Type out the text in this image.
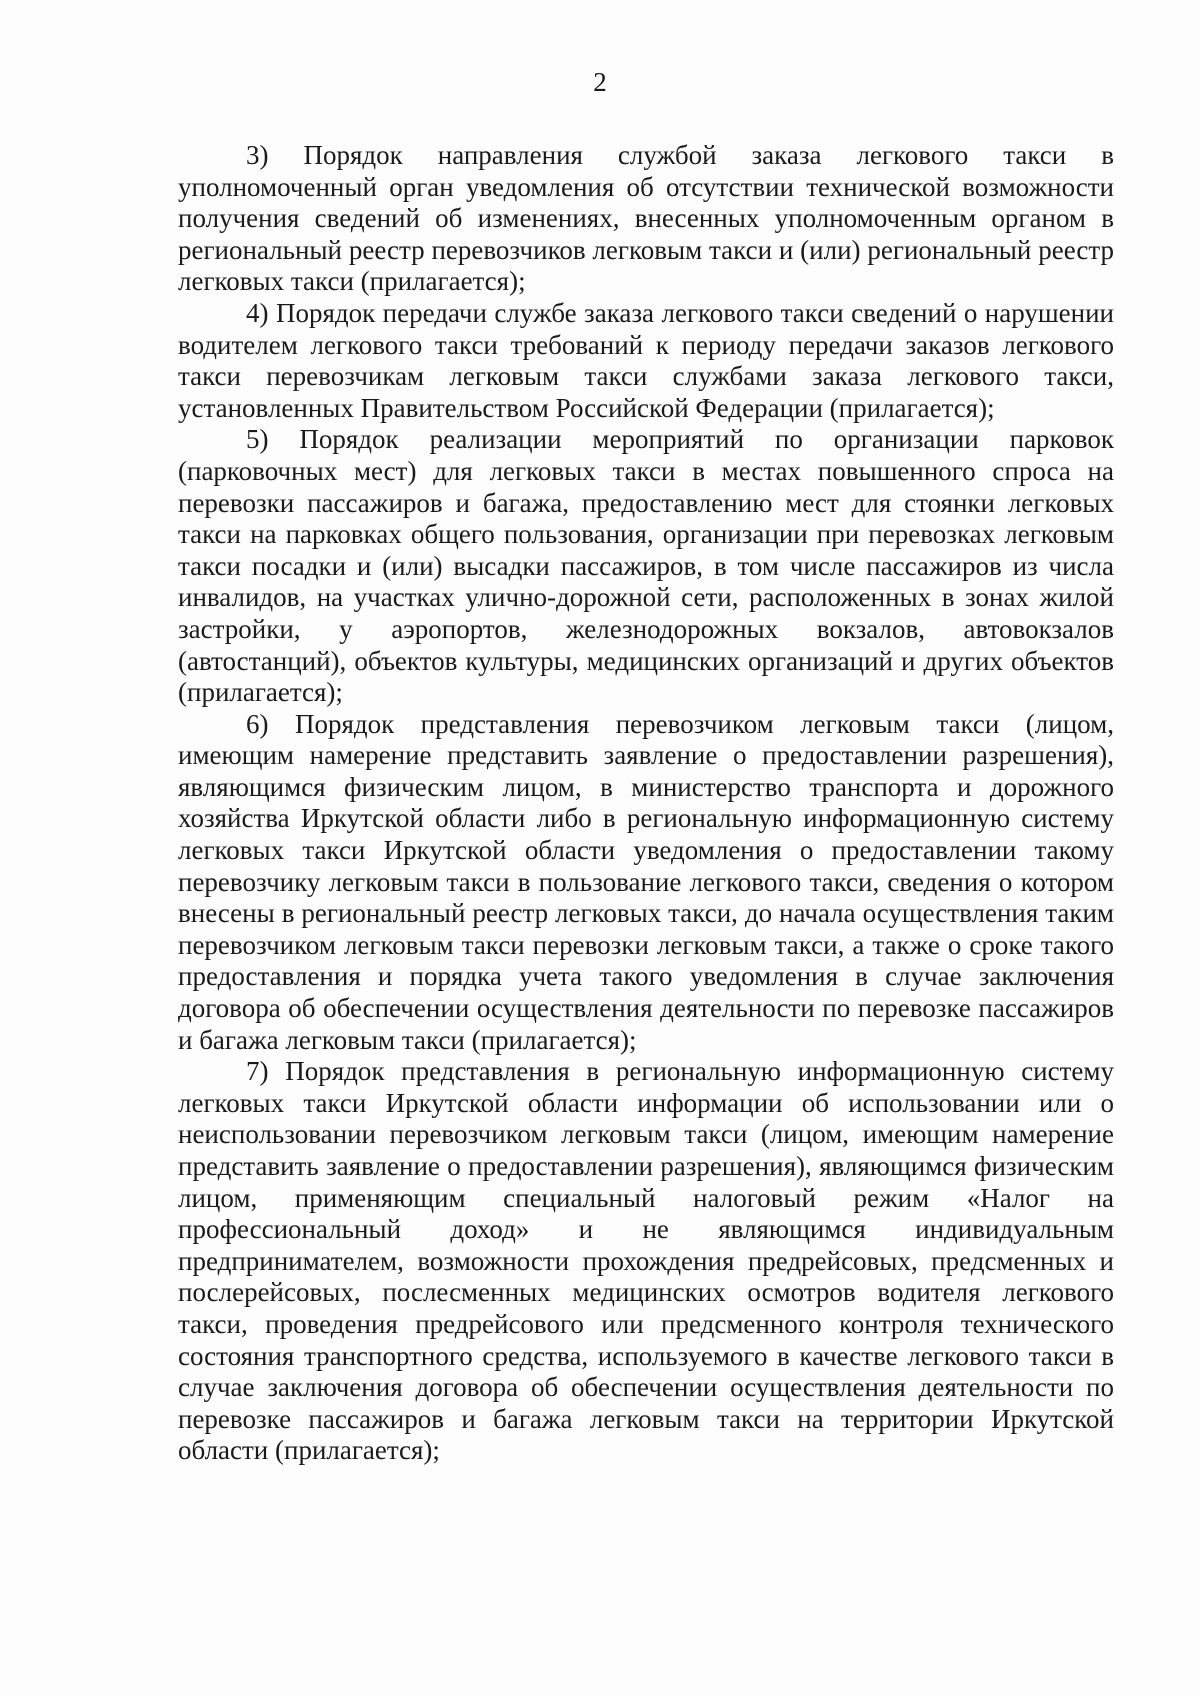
2

3) Порядок направления службой заказа легкового такси в уполномоченный орган уведомления об отсутствии технической возможности получения сведений об изменениях, внесенных уполномоченным органом в региональный реестр перевозчиков легковым такси и (или) региональный реестр легковых такси (прилагается);

4) Порядок передачи службе заказа легкового такси сведений о нарушении водителем легкового такси требований к периоду передачи заказов легкового такси перевозчикам легковым такси службами заказа легкового такси, установленных Правительством Российской Федерации (прилагается);

5) Порядок реализации мероприятий по организации парковок (парковочных мест) для легковых такси в местах повышенного спроса на перевозки пассажиров и багажа, предоставлению мест для стоянки легковых такси на парковках общего пользования, организации при перевозках легковым такси посадки и (или) высадки пассажиров, в том числе пассажиров из числа инвалидов, на участках улично-дорожной сети, расположенных в зонах жилой застройки, у аэропортов, железнодорожных вокзалов, автовокзалов (автостанций), объектов культуры, медицинских организаций и других объектов (прилагается);

6) Порядок представления перевозчиком легковым такси (лицом, имеющим намерение представить заявление о предоставлении разрешения), являющимся физическим лицом, в министерство транспорта и дорожного хозяйства Иркутской области либо в региональную информационную систему легковых такси Иркутской области уведомления о предоставлении такому перевозчику легковым такси в пользование легкового такси, сведения о котором внесены в региональный реестр легковых такси, до начала осуществления таким перевозчиком легковым такси перевозки легковым такси, а также о сроке такого предоставления и порядка учета такого уведомления в случае заключения договора об обеспечении осуществления деятельности по перевозке пассажиров и багажа легковым такси (прилагается);

7) Порядок представления в региональную информационную систему легковых такси Иркутской области информации об использовании или о неиспользовании перевозчиком легковым такси (лицом, имеющим намерение представить заявление о предоставлении разрешения), являющимся физическим лицом, применяющим специальный налоговый режим «Налог на профессиональный доход» и не являющимся индивидуальным предпринимателем, возможности прохождения предрейсовых, предсменных и послерейсовых, послесменных медицинских осмотров водителя легкового такси, проведения предрейсового или предсменного контроля технического состояния транспортного средства, используемого в качестве легкового такси в случае заключения договора об обеспечении осуществления деятельности по перевозке пассажиров и багажа легковым такси на территории Иркутской области (прилагается);
